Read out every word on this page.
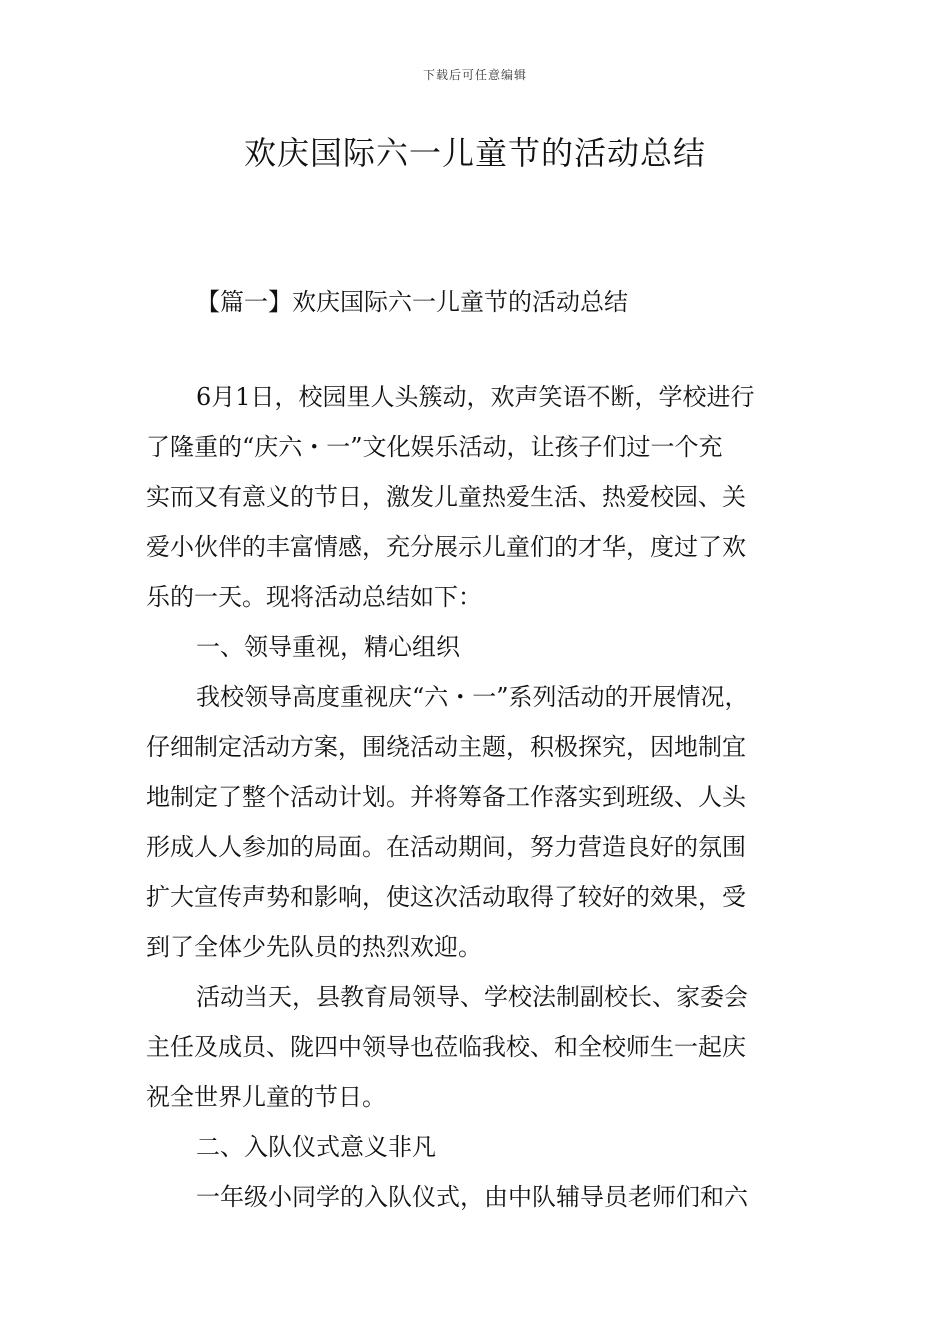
下载后可任意编辑
欢庆国际六一儿童节的活动总结
【篇一】欢庆国际六一儿童节的活动总结

6月1日，校园里人头簇动，欢声笑语不断，学校进行
了隆重的“庆六・一”文化娱乐活动，让孩子们过一个充
实而又有意义的节日，激发儿童热爱生活、热爱校园、关
爱小伙伴的丰富情感，充分展示儿童们的才华，度过了欢
乐的一天。现将活动总结如下：

一、领导重视，精心组织

我校领导高度重视庆“六・一”系列活动的开展情况，
仔细制定活动方案，围绕活动主题，积极探究，因地制宜
地制定了整个活动计划。并将筹备工作落实到班级、人头
形成人人参加的局面。在活动期间，努力营造良好的氛围
扩大宣传声势和影响，使这次活动取得了较好的效果，受
到了全体少先队员的热烈欢迎。

活动当天，县教育局领导、学校法制副校长、家委会
主任及成员、陇四中领导也莅临我校、和全校师生一起庆
祝全世界儿童的节日。

二、入队仪式意义非凡

一年级小同学的入队仪式，由中队辅导员老师们和六
